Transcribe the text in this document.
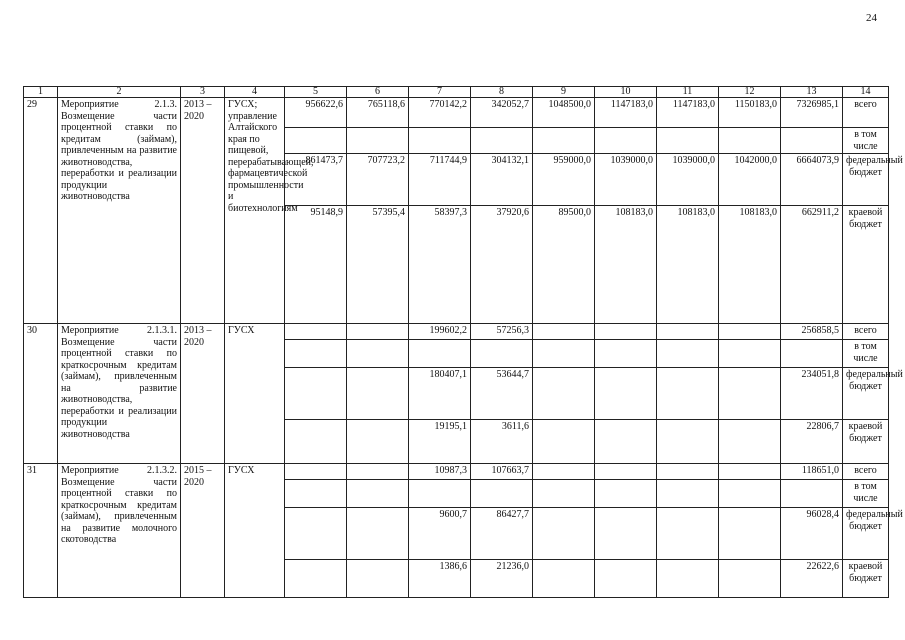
24
1	2	3	4	5	6	7	8	9	10	11	12	13	14
29	Мероприятие 2.1.3. Возмещение части процентной ставки по кредитам (займам), привлеченным на развитие животноводства, переработки и реализации продукции животноводства	2013 – 2020	ГУСХ; управление Алтайского края по пищевой, перерабатывающей, фармацевтической промышленности и биотехнологиям	956622,6	765118,6	770142,2	342052,7	1048500,0	1147183,0	1147183,0	1150183,0	7326985,1	всего
													в том числе
				861473,7	707723,2	711744,9	304132,1	959000,0	1039000,0	1039000,0	1042000,0	6664073,9	федеральный бюджет
				95148,9	57395,4	58397,3	37920,6	89500,0	108183,0	108183,0	108183,0	662911,2	краевой бюджет
30	Мероприятие 2.1.3.1. Возмещение части процентной ставки по краткосрочным кредитам (займам), привлеченным на развитие животноводства, переработки и реализации продукции животноводства	2013 – 2020	ГУСХ			199602,2	57256,3					256858,5	всего
													в том числе
						180407,1	53644,7					234051,8	федеральный бюджет
						19195,1	3611,6					22806,7	краевой бюджет
31	Мероприятие 2.1.3.2. Возмещение части процентной ставки по краткосрочным кредитам (займам), привлеченным на развитие молочного скотоводства	2015 – 2020	ГУСХ			10987,3	107663,7					118651,0	всего
													в том числе
						9600,7	86427,7					96028,4	федеральный бюджет
						1386,6	21236,0					22622,6	краевой бюджет
